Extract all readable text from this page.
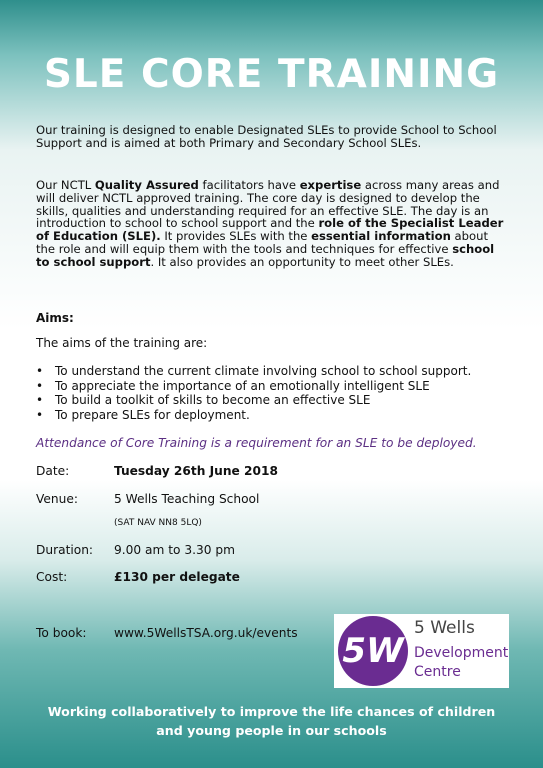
SLE CORE TRAINING
Our training is designed to enable Designated SLEs to provide School to School Support and is aimed at both Primary and Secondary School SLEs.
Our NCTL Quality Assured facilitators have expertise across many areas and will deliver NCTL approved training. The core day is designed to develop the skills, qualities and understanding required for an effective SLE. The day is an introduction to school to school support and the role of the Specialist Leader of Education (SLE). It provides SLEs with the essential information about the role and will equip them with the tools and techniques for effective school to school support. It also provides an opportunity to meet other SLEs.
Aims:
The aims of the training are:
• To understand the current climate involving school to school support.
• To appreciate the importance of an emotionally intelligent SLE
• To build a toolkit of skills to become an effective SLE
• To prepare SLEs for deployment.
Attendance of Core Training is a requirement for an SLE to be deployed.
Date:	Tuesday 26th June 2018
Venue:	5 Wells Teaching School
(SAT NAV NN8 5LQ)
Duration: 9.00 am to 3.30 pm
Cost:	£130 per delegate
To book: www.5WellsTSA.org.uk/events 5W
5 Wells
Development
Centre
Working collaboratively to improve the life chances of children
and young people in our schools
